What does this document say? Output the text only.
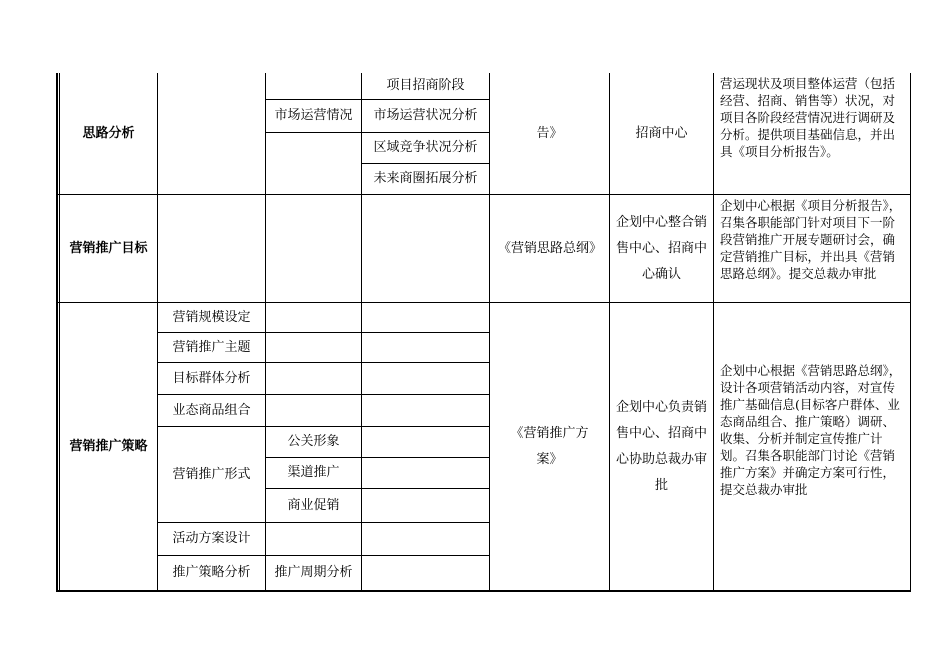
思路分析
市场运营情况
项目招商阶段
市场运营状况分析
区域竞争状况分析
未来商圈拓展分析
告》	招商中心
营运现状及项目整体运营（包括经营、招商、销售等）状况，对项目各阶段经营情况进行调研及分析。提供项目基础信息，并出具《项目分析报告》。
营销推广目标	《营销思路总纲》
企划中心整合销售中心、招商中心确认
企划中心根据《项目分析报告》，召集各职能部门针对项目下一阶段营销推广开展专题研讨会，确定营销推广目标，并出具《营销思路总纲》。提交总裁办审批
营销推广策略
营销规模设定
营销推广主题
目标群体分析
业态商品组合
营销推广形式
活动方案设计
推广策略分析
公关形象
渠道推广
商业促销
推广周期分析
《营销推广方案》
企划中心负责销售中心、招商中心协助总裁办审批
企划中心根据《营销思路总纲》，设计各项营销活动内容，对宣传推广基础信息(目标客户群体、业态商品组合、推广策略）调研、收集、分析并制定宣传推广计划。召集各职能部门讨论《营销推广方案》并确定方案可行性，提交总裁办审批
